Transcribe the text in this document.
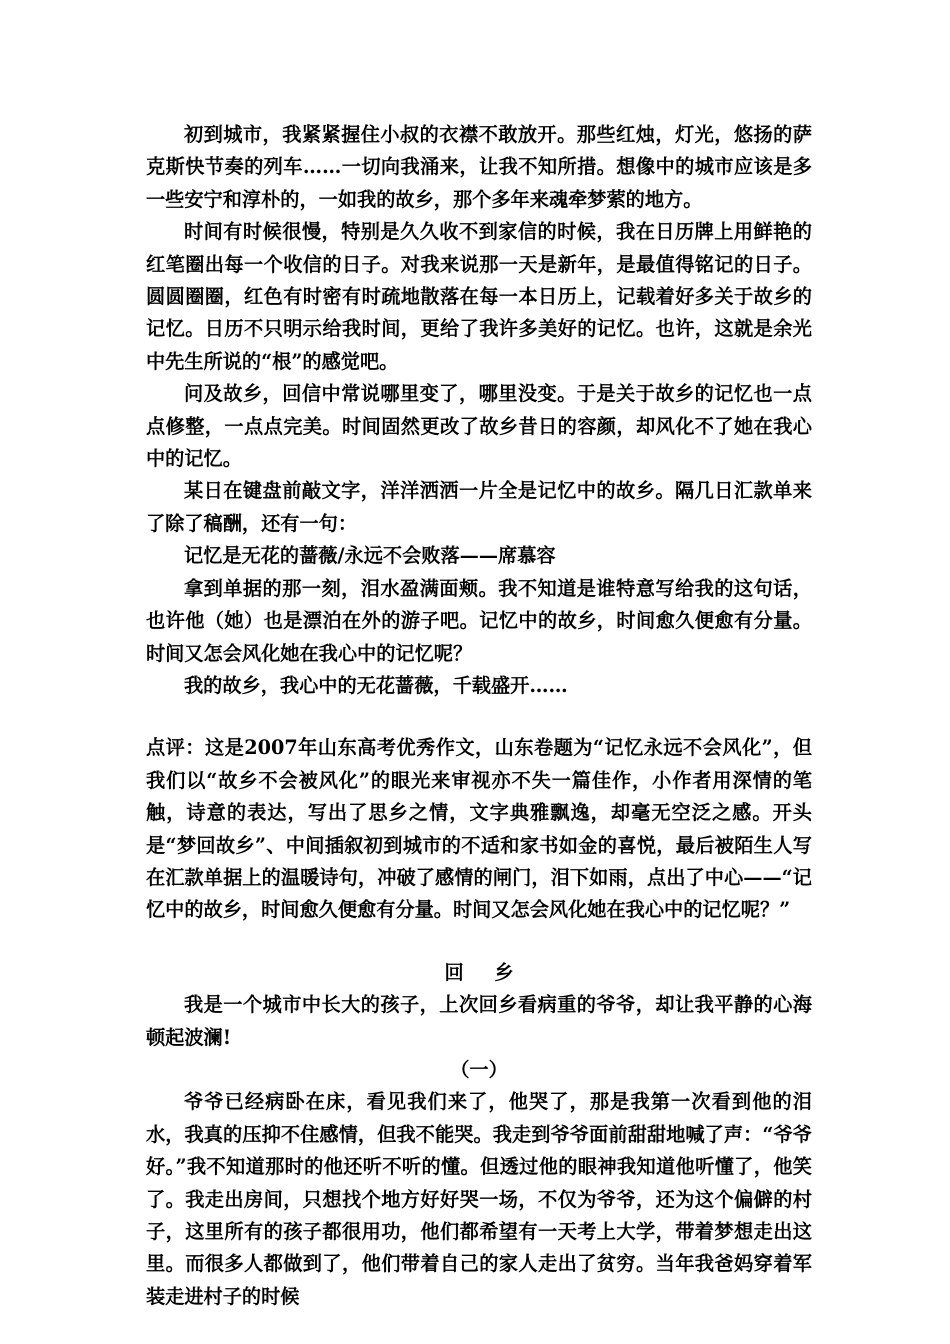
初到城市，我紧紧握住小叔的衣襟不敢放开。那些红烛，灯光，悠扬的萨克斯快节奏的列车……一切向我涌来，让我不知所措。想像中的城市应该是多一些安宁和淳朴的，一如我的故乡，那个多年来魂牵梦萦的地方。

时间有时候很慢，特别是久久收不到家信的时候，我在日历牌上用鲜艳的红笔圈出每一个收信的日子。对我来说那一天是新年，是最值得铭记的日子。圆圆圈圈，红色有时密有时疏地散落在每一本日历上，记载着好多关于故乡的记忆。日历不只明示给我时间，更给了我许多美好的记忆。也许，这就是余光中先生所说的“根”的感觉吧。

问及故乡，回信中常说哪里变了，哪里没变。于是关于故乡的记忆也一点点修整，一点点完美。时间固然更改了故乡昔日的容颜，却风化不了她在我心中的记忆。

某日在键盘前敲文字，洋洋洒洒一片全是记忆中的故乡。隔几日汇款单来了除了稿酬，还有一句：

记忆是无花的蔷薇/永远不会败落——席慕容

拿到单据的那一刻，泪水盈满面颊。我不知道是谁特意写给我的这句话，也许他（她）也是漂泊在外的游子吧。记忆中的故乡，时间愈久便愈有分量。时间又怎会风化她在我心中的记忆呢？

我的故乡，我心中的无花蔷薇，千载盛开……

点评：这是2007年山东高考优秀作文，山东卷题为“记忆永远不会风化”，但我们以“故乡不会被风化”的眼光来审视亦不失一篇佳作，小作者用深情的笔触，诗意的表达，写出了思乡之情，文字典雅飘逸，却毫无空泛之感。开头是“梦回故乡”、中间插叙初到城市的不适和家书如金的喜悦，最后被陌生人写在汇款单据上的温暖诗句，冲破了感情的闸门，泪下如雨，点出了中心——“记忆中的故乡，时间愈久便愈有分量。时间又怎会风化她在我心中的记忆呢？”

回乡

我是一个城市中长大的孩子，上次回乡看病重的爷爷，却让我平静的心海顿起波澜!

（一）

爷爷已经病卧在床，看见我们来了，他哭了，那是我第一次看到他的泪水，我真的压抑不住感情，但我不能哭。我走到爷爷面前甜甜地喊了声：“爷爷好。”我不知道那时的他还听不听的懂。但透过他的眼神我知道他听懂了，他笑了。我走出房间，只想找个地方好好哭一场，不仅为爷爷，还为这个偏僻的村子，这里所有的孩子都很用功，他们都希望有一天考上大学，带着梦想走出这里。而很多人都做到了，他们带着自己的家人走出了贫穷。当年我爸妈穿着军装走进村子的时候
